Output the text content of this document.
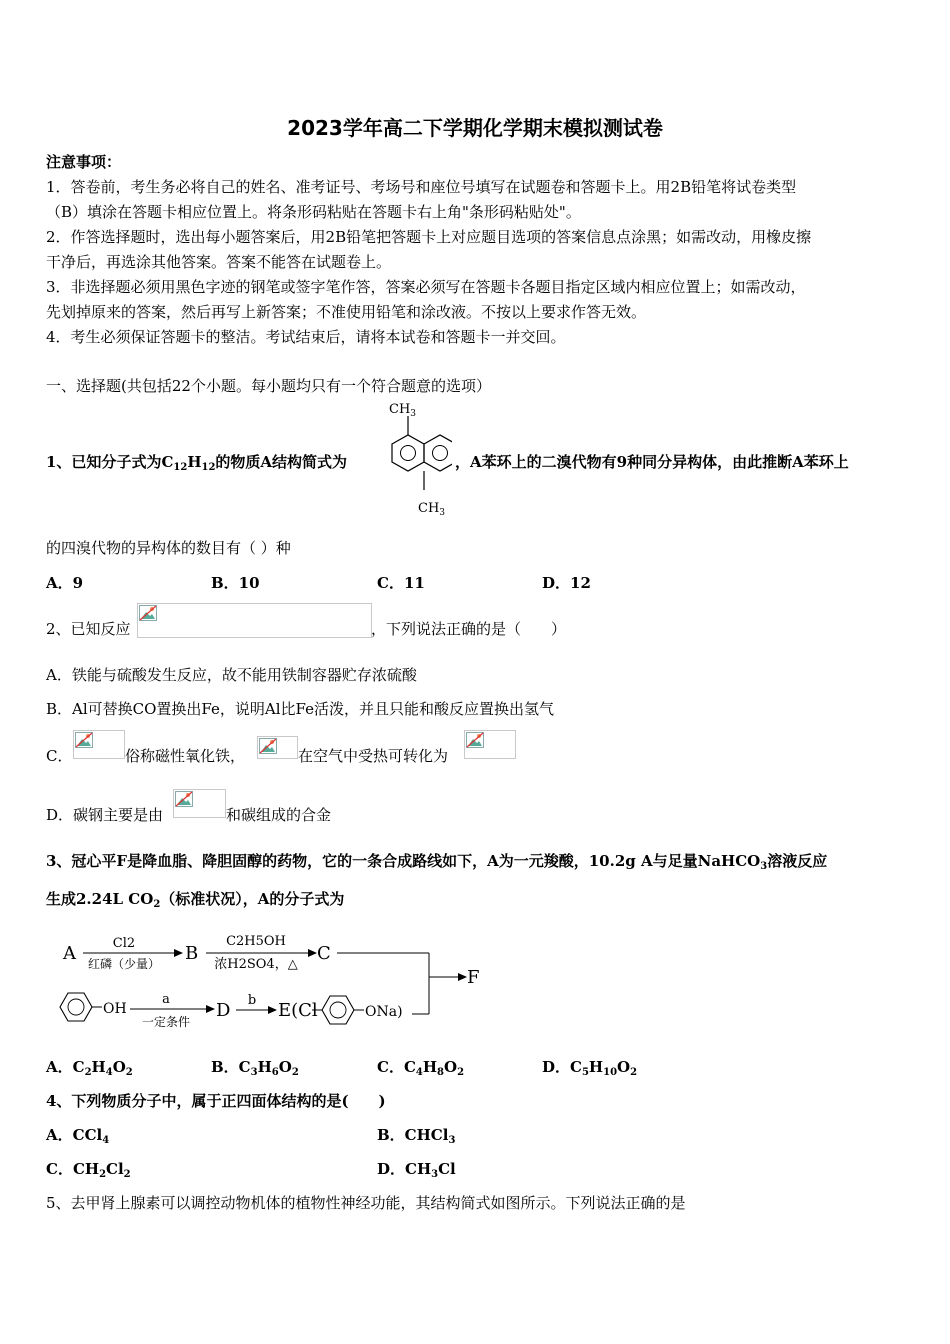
2023学年高二下学期化学期末模拟测试卷
注意事项：
1．答卷前，考生务必将自己的姓名、准考证号、考场号和座位号填写在试题卷和答题卡上。用2B铅笔将试卷类型
（B）填涂在答题卡相应位置上。将条形码粘贴在答题卡右上角"条形码粘贴处"。
2．作答选择题时，选出每小题答案后，用2B铅笔把答题卡上对应题目选项的答案信息点涂黑；如需改动，用橡皮擦
干净后，再选涂其他答案。答案不能答在试题卷上。
3．非选择题必须用黑色字迹的钢笔或签字笔作答，答案必须写在答题卡各题目指定区域内相应位置上；如需改动，
先划掉原来的答案，然后再写上新答案；不准使用铅笔和涂改液。不按以上要求作答无效。
4．考生必须保证答题卡的整洁。考试结束后，请将本试卷和答题卡一并交回。
一、选择题(共包括22个小题。每小题均只有一个符合题意的选项）
1、已知分子式为$C_{12}H_{12}$的物质A结构简式为
$CH_3$
$CH_3$
，A苯环上的二溴代物有9种同分异构体，由此推断A苯环上
的四溴代物的异构体的数目有（ ）种
A．9	B．10	C．11	D．12
2、已知反应	，下列说法正确的是（　　）
A．铁能与硫酸发生反应，故不能用铁制容器贮存浓硫酸
B．Al可替换CO置换出Fe，说明Al比Fe活泼，并且只能和酸反应置换出氢气
C．	俗称磁性氧化铁，	在空气中受热可转化为
D．碳钢主要是由	和碳组成的合金
3、冠心平F是降血脂、降胆固醇的药物，它的一条合成路线如下，A为一元羧酸，10.2g A与足量NaHCO$_3$溶液反应
生成2.24L $CO_2$（标准状况），A的分子式为
A	Cl2
红磷（少量） B
C2H5OH
浓H2SO4，△
C
F
OH
a
一定条件
D b E(Cl	ONa)
A．$C_2H_4O_2$	B．$C_3H_6O_2$	C．$C_4H_8O_2$	D．$C_5H_{10}O_2$
4、下列物质分子中，属于正四面体结构的是(　　)
A．CCl$_4$	B．CHCl$_3$
C．$CH_2Cl_2$	D．$CH_3Cl$
5、去甲肾上腺素可以调控动物机体的植物性神经功能，其结构简式如图所示。下列说法正确的是
